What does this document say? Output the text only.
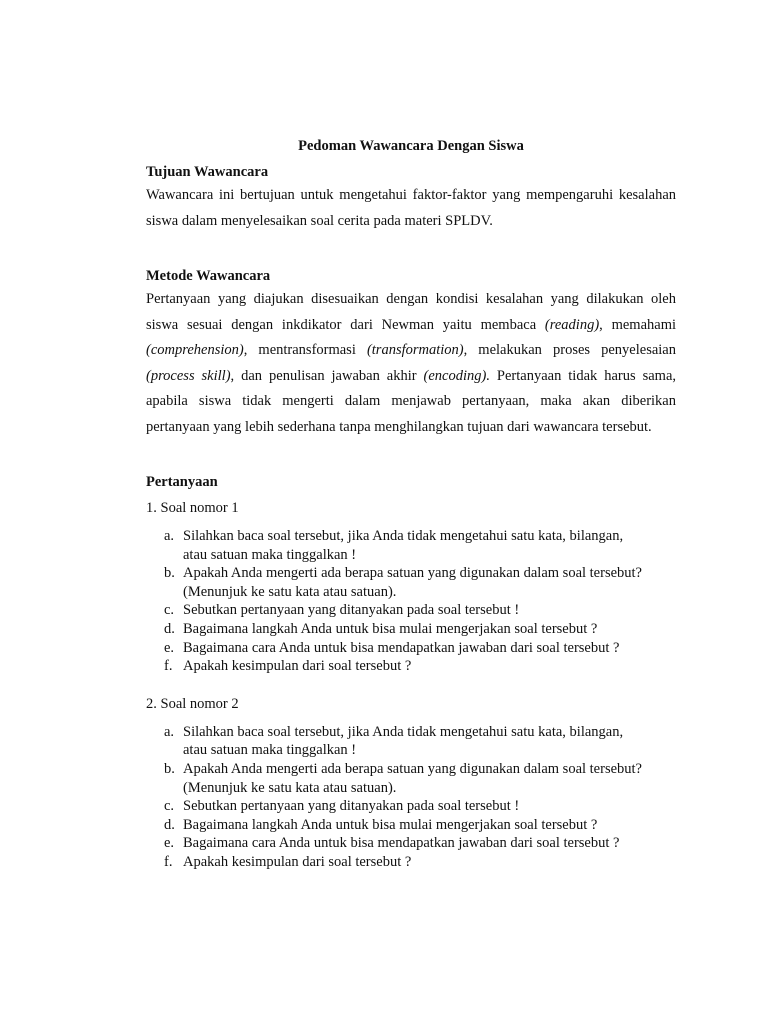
Pedoman Wawancara Dengan Siswa

Tujuan Wawancara

Wawancara ini bertujuan untuk mengetahui faktor-faktor yang mempengaruhi kesalahan siswa dalam menyelesaikan soal cerita pada materi SPLDV.

Metode Wawancara

Pertanyaan yang diajukan disesuaikan dengan kondisi kesalahan yang dilakukan oleh siswa sesuai dengan inkdikator dari Newman yaitu membaca (reading), memahami (comprehension), mentransformasi (transformation), melakukan proses penyelesaian (process skill), dan penulisan jawaban akhir (encoding). Pertanyaan tidak harus sama, apabila siswa tidak mengerti dalam menjawab pertanyaan, maka akan diberikan pertanyaan yang lebih sederhana tanpa menghilangkan tujuan dari wawancara tersebut.

Pertanyaan

1. Soal nomor 1

a. Silahkan baca soal tersebut, jika Anda tidak mengetahui satu kata, bilangan,
atau satuan maka tinggalkan !
b. Apakah Anda mengerti ada berapa satuan yang digunakan dalam soal tersebut?
(Menunjuk ke satu kata atau satuan).
c. Sebutkan pertanyaan yang ditanyakan pada soal tersebut !
d. Bagaimana langkah Anda untuk bisa mulai mengerjakan soal tersebut ?
e. Bagaimana cara Anda untuk bisa mendapatkan jawaban dari soal tersebut ?
f. Apakah kesimpulan dari soal tersebut ?

2. Soal nomor 2

a. Silahkan baca soal tersebut, jika Anda tidak mengetahui satu kata, bilangan,
atau satuan maka tinggalkan !
b. Apakah Anda mengerti ada berapa satuan yang digunakan dalam soal tersebut?
(Menunjuk ke satu kata atau satuan).
c. Sebutkan pertanyaan yang ditanyakan pada soal tersebut !
d. Bagaimana langkah Anda untuk bisa mulai mengerjakan soal tersebut ?
e. Bagaimana cara Anda untuk bisa mendapatkan jawaban dari soal tersebut ?
f. Apakah kesimpulan dari soal tersebut ?
